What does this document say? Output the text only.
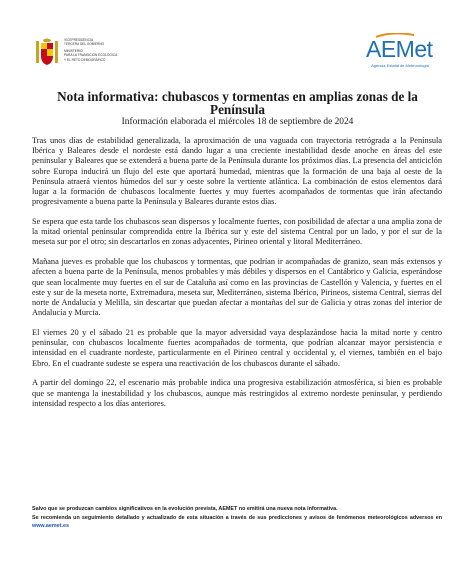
VICEPRESIDENCIA
TERCERA DEL GOBIERNO
MINISTERIO
PARA LA TRANSICIÓN ECOLÓGICA
Y EL RETO DEMOGRÁFICO	AEMet
Agencia Estatal de Meteorología
Nota informativa: chubascos y tormentas en amplias zonas de la Península
Información elaborada el miércoles 18 de septiembre de 2024

Tras unos días de estabilidad generalizada, la aproximación de una vaguada con trayectoria retrógrada a la Península Ibérica y Baleares desde el nordeste está dando lugar a una creciente inestabilidad desde anoche en áreas del este peninsular y Baleares que se extenderá a buena parte de la Península durante los próximos días. La presencia del anticiclón sobre Europa inducirá un flujo del este que aportará humedad, mientras que la formación de una baja al oeste de la Península atraerá vientos húmedos del sur y oeste sobre la vertiente atlántica. La combinación de estos elementos dará lugar a la formación de chubascos localmente fuertes y muy fuertes acompañados de tormentas que irán afectando progresivamente a buena parte la Península y Baleares durante estos días.

Se espera que esta tarde los chubascos sean dispersos y localmente fuertes, con posibilidad de afectar a una amplia zona de la mitad oriental peninsular comprendida entre la Ibérica sur y este del sistema Central por un lado, y por el sur de la meseta sur por el otro; sin descartarlos en zonas adyacentes, Pirineo oriental y litoral Mediterráneo.

Mañana jueves es probable que los chubascos y tormentas, que podrían ir acompañadas de granizo, sean más extensos y afecten a buena parte de la Península, menos probables y más débiles y dispersos en el Cantábrico y Galicia, esperándose que sean localmente muy fuertes en el sur de Cataluña así como en las provincias de Castellón y Valencia, y fuertes en el este y sur de la meseta norte, Extremadura, meseta sur, Mediterráneo, sistema Ibérico, Pirineos, sistema Central, sierras del norte de Andalucía y Melilla, sin descartar que puedan afectar a montañas del sur de Galicia y otras zonas del interior de Andalucía y Murcia.

El viernes 20 y el sábado 21 es probable que la mayor adversidad vaya desplazándose hacia la mitad norte y centro peninsular, con chubascos localmente fuertes acompañados de tormenta, que podrían alcanzar mayor persistencia e intensidad en el cuadrante nordeste, particularmente en el Pirineo central y occidental y, el viernes, también en el bajo Ebro. En el cuadrante sudeste se espera una reactivación de los chubascos durante el sábado.

A partir del domingo 22, el escenario más probable indica una progresiva estabilización atmosférica, si bien es probable que se mantenga la inestabilidad y los chubascos, aunque más restringidos al extremo nordeste peninsular, y perdiendo intensidad respecto a los días anteriores.

Salvo que se produzcan cambios significativos en la evolución prevista, AEMET no emitirá una nueva nota informativa.

Se recomienda un seguimiento detallado y actualizado de esta situación a través de sus predicciones y avisos de fenómenos meteorológicos adversos en www.aemet.es
